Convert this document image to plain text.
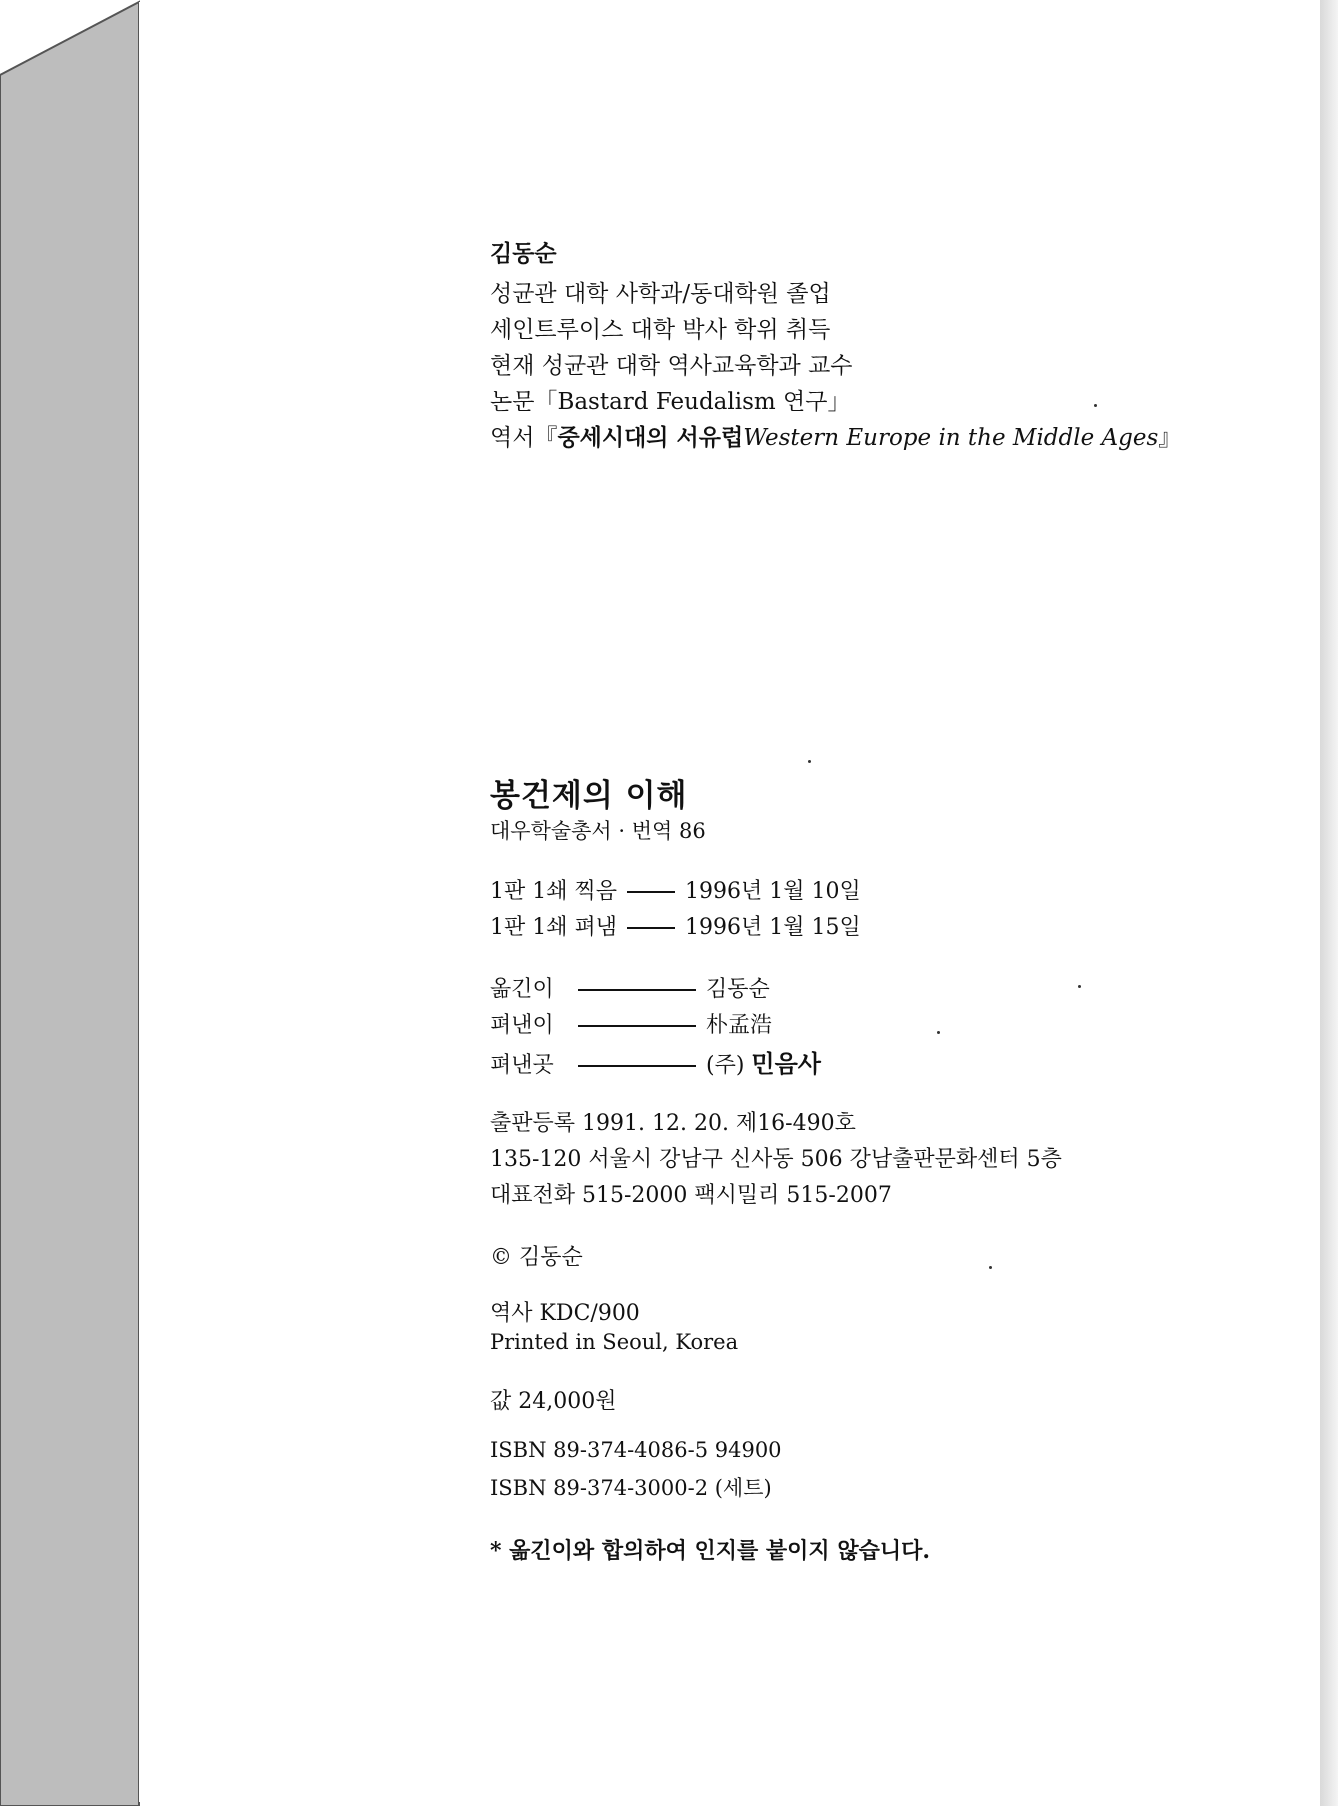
김동순
성균관 대학 사학과/동대학원 졸업
세인트루이스 대학 박사 학위 취득
현재 성균관 대학 역사교육학과 교수
논문「Bastard Feudalism 연구」
역서『중세시대의 서유럽Western Europe in the Middle Ages』
봉건제의 이해
대우학술총서 · 번역 86
1판 1쇄 찍음	1996년 1월 10일
1판 1쇄 펴냄	1996년 1월 15일
옮긴이	김동순
펴낸이	朴孟浩
펴낸곳	(주) 민음사
출판등록 1991. 12. 20. 제16-490호
135-120 서울시 강남구 신사동 506 강남출판문화센터 5층
대표전화 515-2000 팩시밀리 515-2007
© 김동순
역사 KDC/900
Printed in Seoul, Korea
값 24,000원
ISBN 89-374-4086-5 94900
ISBN 89-374-3000-2 (세트)
* 옮긴이와 합의하여 인지를 붙이지 않습니다.
